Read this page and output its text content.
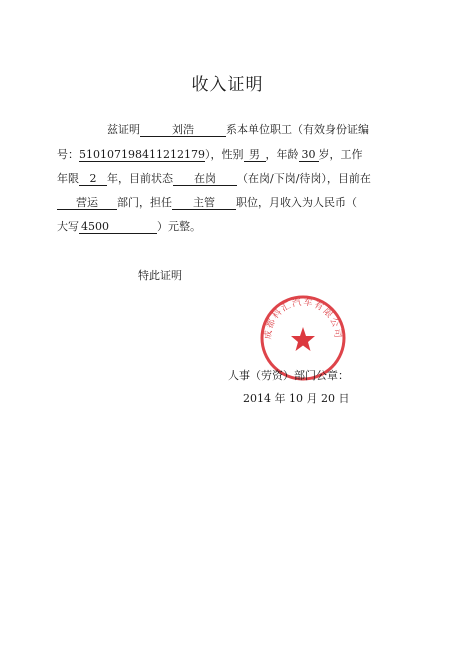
收入证明
兹证明	刘浩	系本单位职工（有效身份证编
号：510107198411212179），性别 男 ，年龄 30 岁，工作
年限 2 年，目前状态 在岗 （在岗/下岗/待岗），目前在
营运 部门，担任 主管 职位，月收入为人民币（
大写 4500	）元整。
特此证明
成都科汇汽车有限公司
人事（劳资）部门公章：
2014 年 10 月 20 日
